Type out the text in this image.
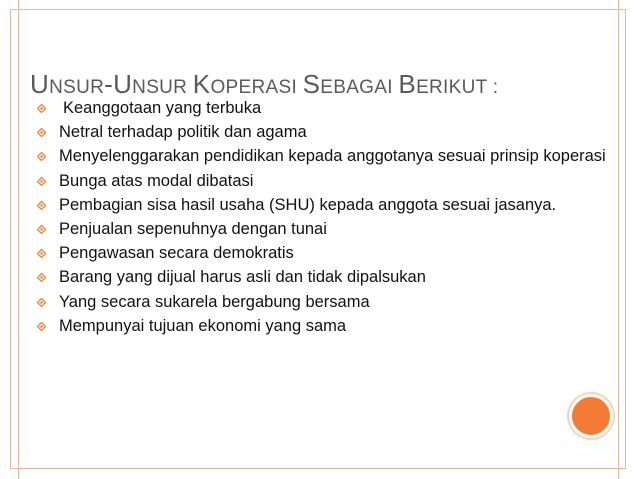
UNSUR-UNSUR KOPERASI SEBAGAI BERIKUT :
Keanggotaan yang terbuka
Netral terhadap politik dan agama
Menyelenggarakan pendidikan kepada anggotanya sesuai prinsip koperasi
Bunga atas modal dibatasi
Pembagian sisa hasil usaha (SHU) kepada anggota sesuai jasanya.
Penjualan sepenuhnya dengan tunai
Pengawasan secara demokratis
Barang yang dijual harus asli dan tidak dipalsukan
Yang secara sukarela bergabung bersama
Mempunyai tujuan ekonomi yang sama
